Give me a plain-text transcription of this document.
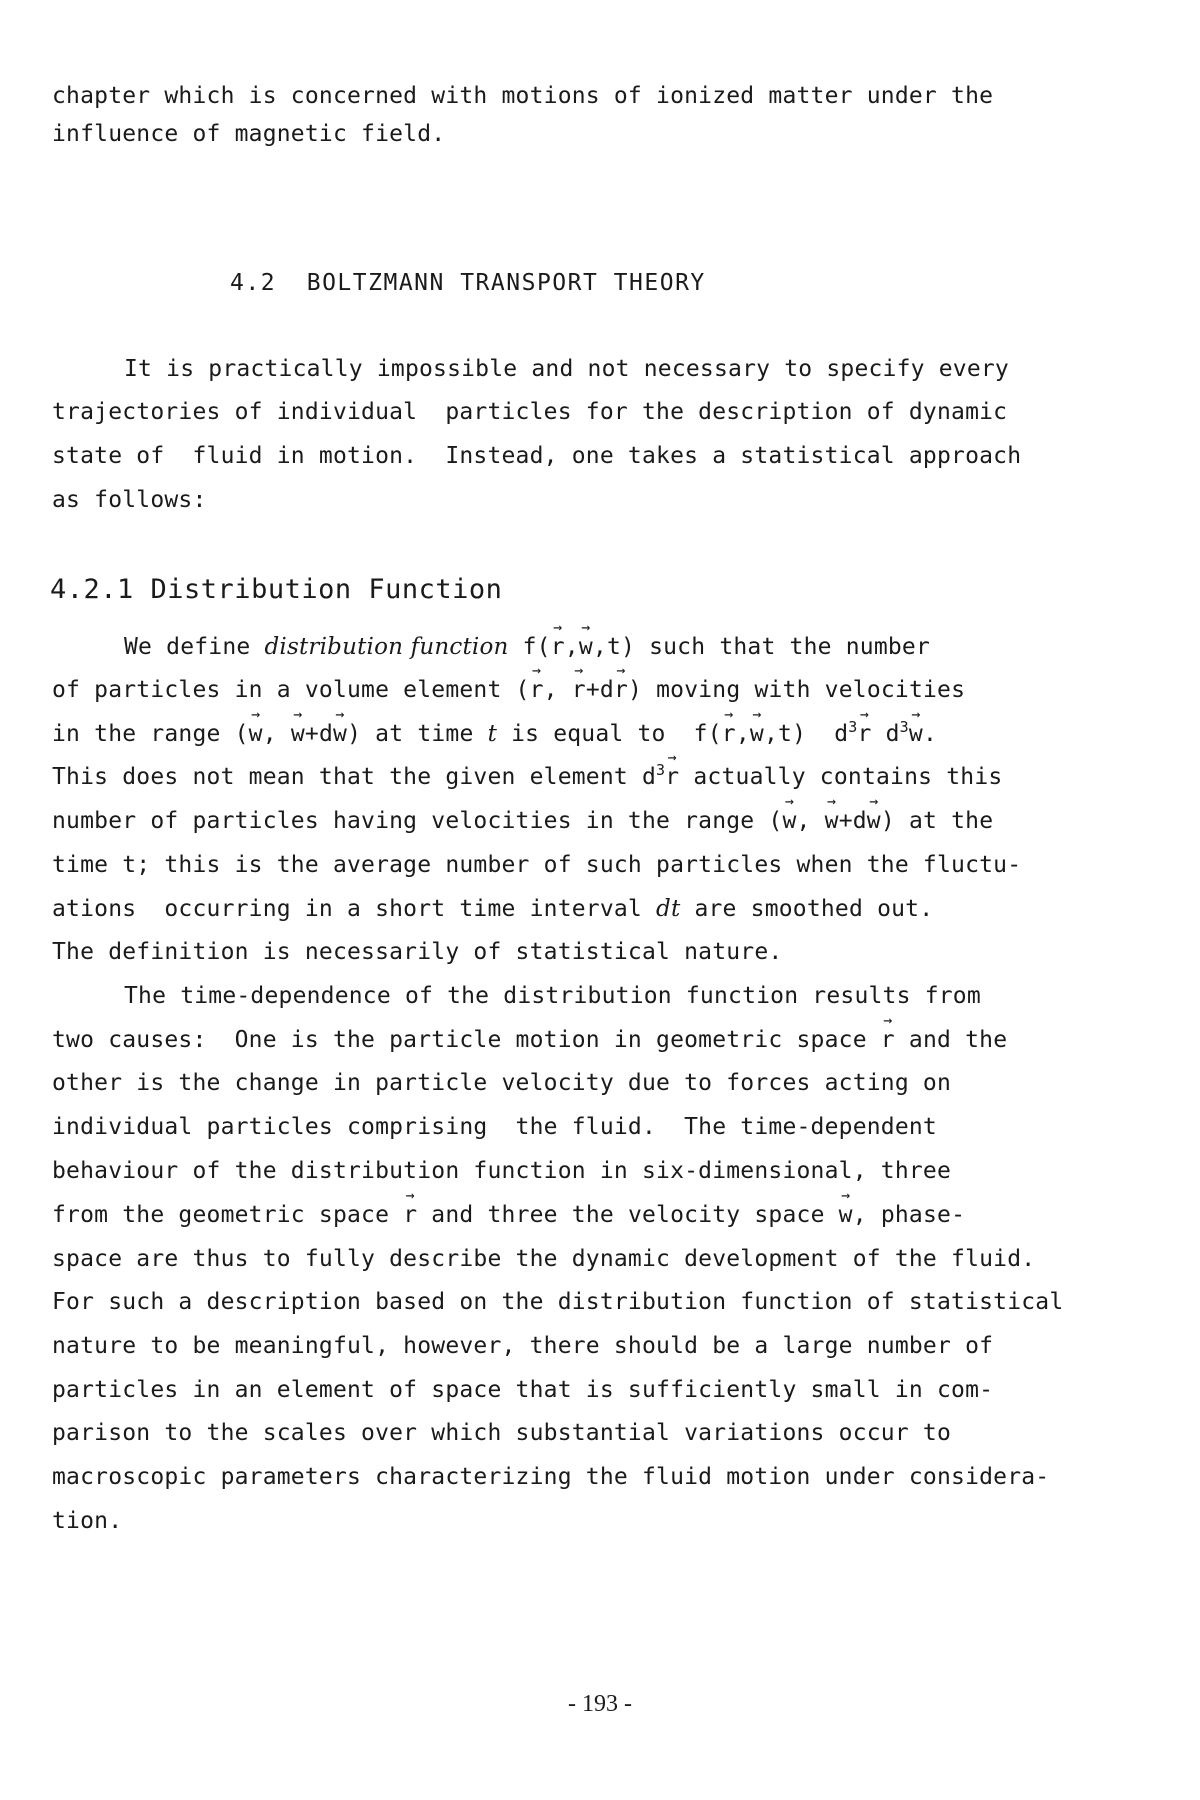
chapter which is concerned with motions of ionized matter under the
influence of magnetic field.
4.2  BOLTZMANN TRANSPORT THEORY
It is practically impossible and not necessary to specify every
trajectories of individual  particles for the description of dynamic
state of  fluid in motion.  Instead, one takes a statistical approach
as follows:
4.2.1 Distribution Function
We define distribution function f(→ r,→ w,t) such that the number
of particles in a volume element (→ r, → r+d→ r) moving with velocities
in the range (→ w, → w+d→ w) at time t is equal to  f(→ r,→ w,t)  $d^3\to r$ $d^3\to w$.
This does not mean that the given element $d^3\to r$ actually contains this
number of particles having velocities in the range (→ w, → w+d→ w) at the
time t; this is the average number of such particles when the fluctu-
ations  occurring in a short time interval dt are smoothed out.
The definition is necessarily of statistical nature.
The time-dependence of the distribution function results from
two causes:  One is the particle motion in geometric space → r and the
other is the change in particle velocity due to forces acting on
individual particles comprising  the fluid.  The time-dependent
behaviour of the distribution function in six-dimensional, three
from the geometric space → r and three the velocity space → w, phase-
space are thus to fully describe the dynamic development of the fluid.
For such a description based on the distribution function of statistical
nature to be meaningful, however, there should be a large number of
particles in an element of space that is sufficiently small in com-
parison to the scales over which substantial variations occur to
macroscopic parameters characterizing the fluid motion under considera-
tion.
- 193 -
